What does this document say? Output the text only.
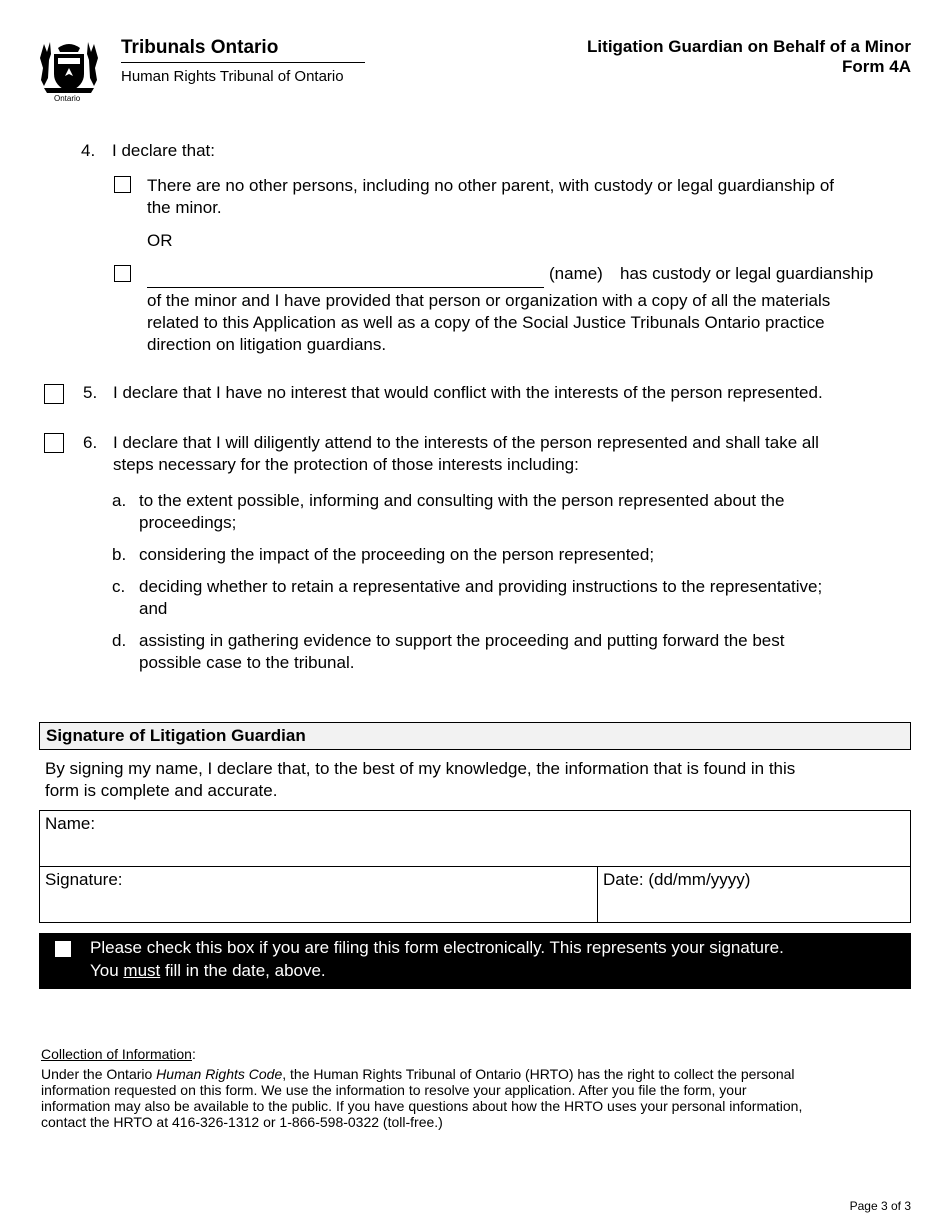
Ontario
Tribunals Ontario
Human Rights Tribunal of Ontario
Litigation Guardian on Behalf of a Minor
Form 4A
4. I declare that:
There are no other persons, including no other parent, with custody or legal guardianship of
the minor.
OR
(name) has custody or legal guardianship
of the minor and I have provided that person or organization with a copy of all the materials
related to this Application as well as a copy of the Social Justice Tribunals Ontario practice
direction on litigation guardians.
5. I declare that I have no interest that would conflict with the interests of the person represented.
6. I declare that I will diligently attend to the interests of the person represented and shall take all
steps necessary for the protection of those interests including:
a. to the extent possible, informing and consulting with the person represented about the
proceedings;
b. considering the impact of the proceeding on the person represented;
c. deciding whether to retain a representative and providing instructions to the representative;
and
d. assisting in gathering evidence to support the proceeding and putting forward the best
possible case to the tribunal.
Signature of Litigation Guardian
By signing my name, I declare that, to the best of my knowledge, the information that is found in this
form is complete and accurate.
Name:
Signature:	Date: (dd/mm/yyyy)
Please check this box if you are filing this form electronically. This represents your signature.
You must fill in the date, above.
Collection of Information:
Under the Ontario Human Rights Code, the Human Rights Tribunal of Ontario (HRTO) has the right to collect the personal
information requested on this form. We use the information to resolve your application. After you file the form, your
information may also be available to the public. If you have questions about how the HRTO uses your personal information,
contact the HRTO at 416-326-1312 or 1-866-598-0322 (toll-free.)
Page 3 of 3
